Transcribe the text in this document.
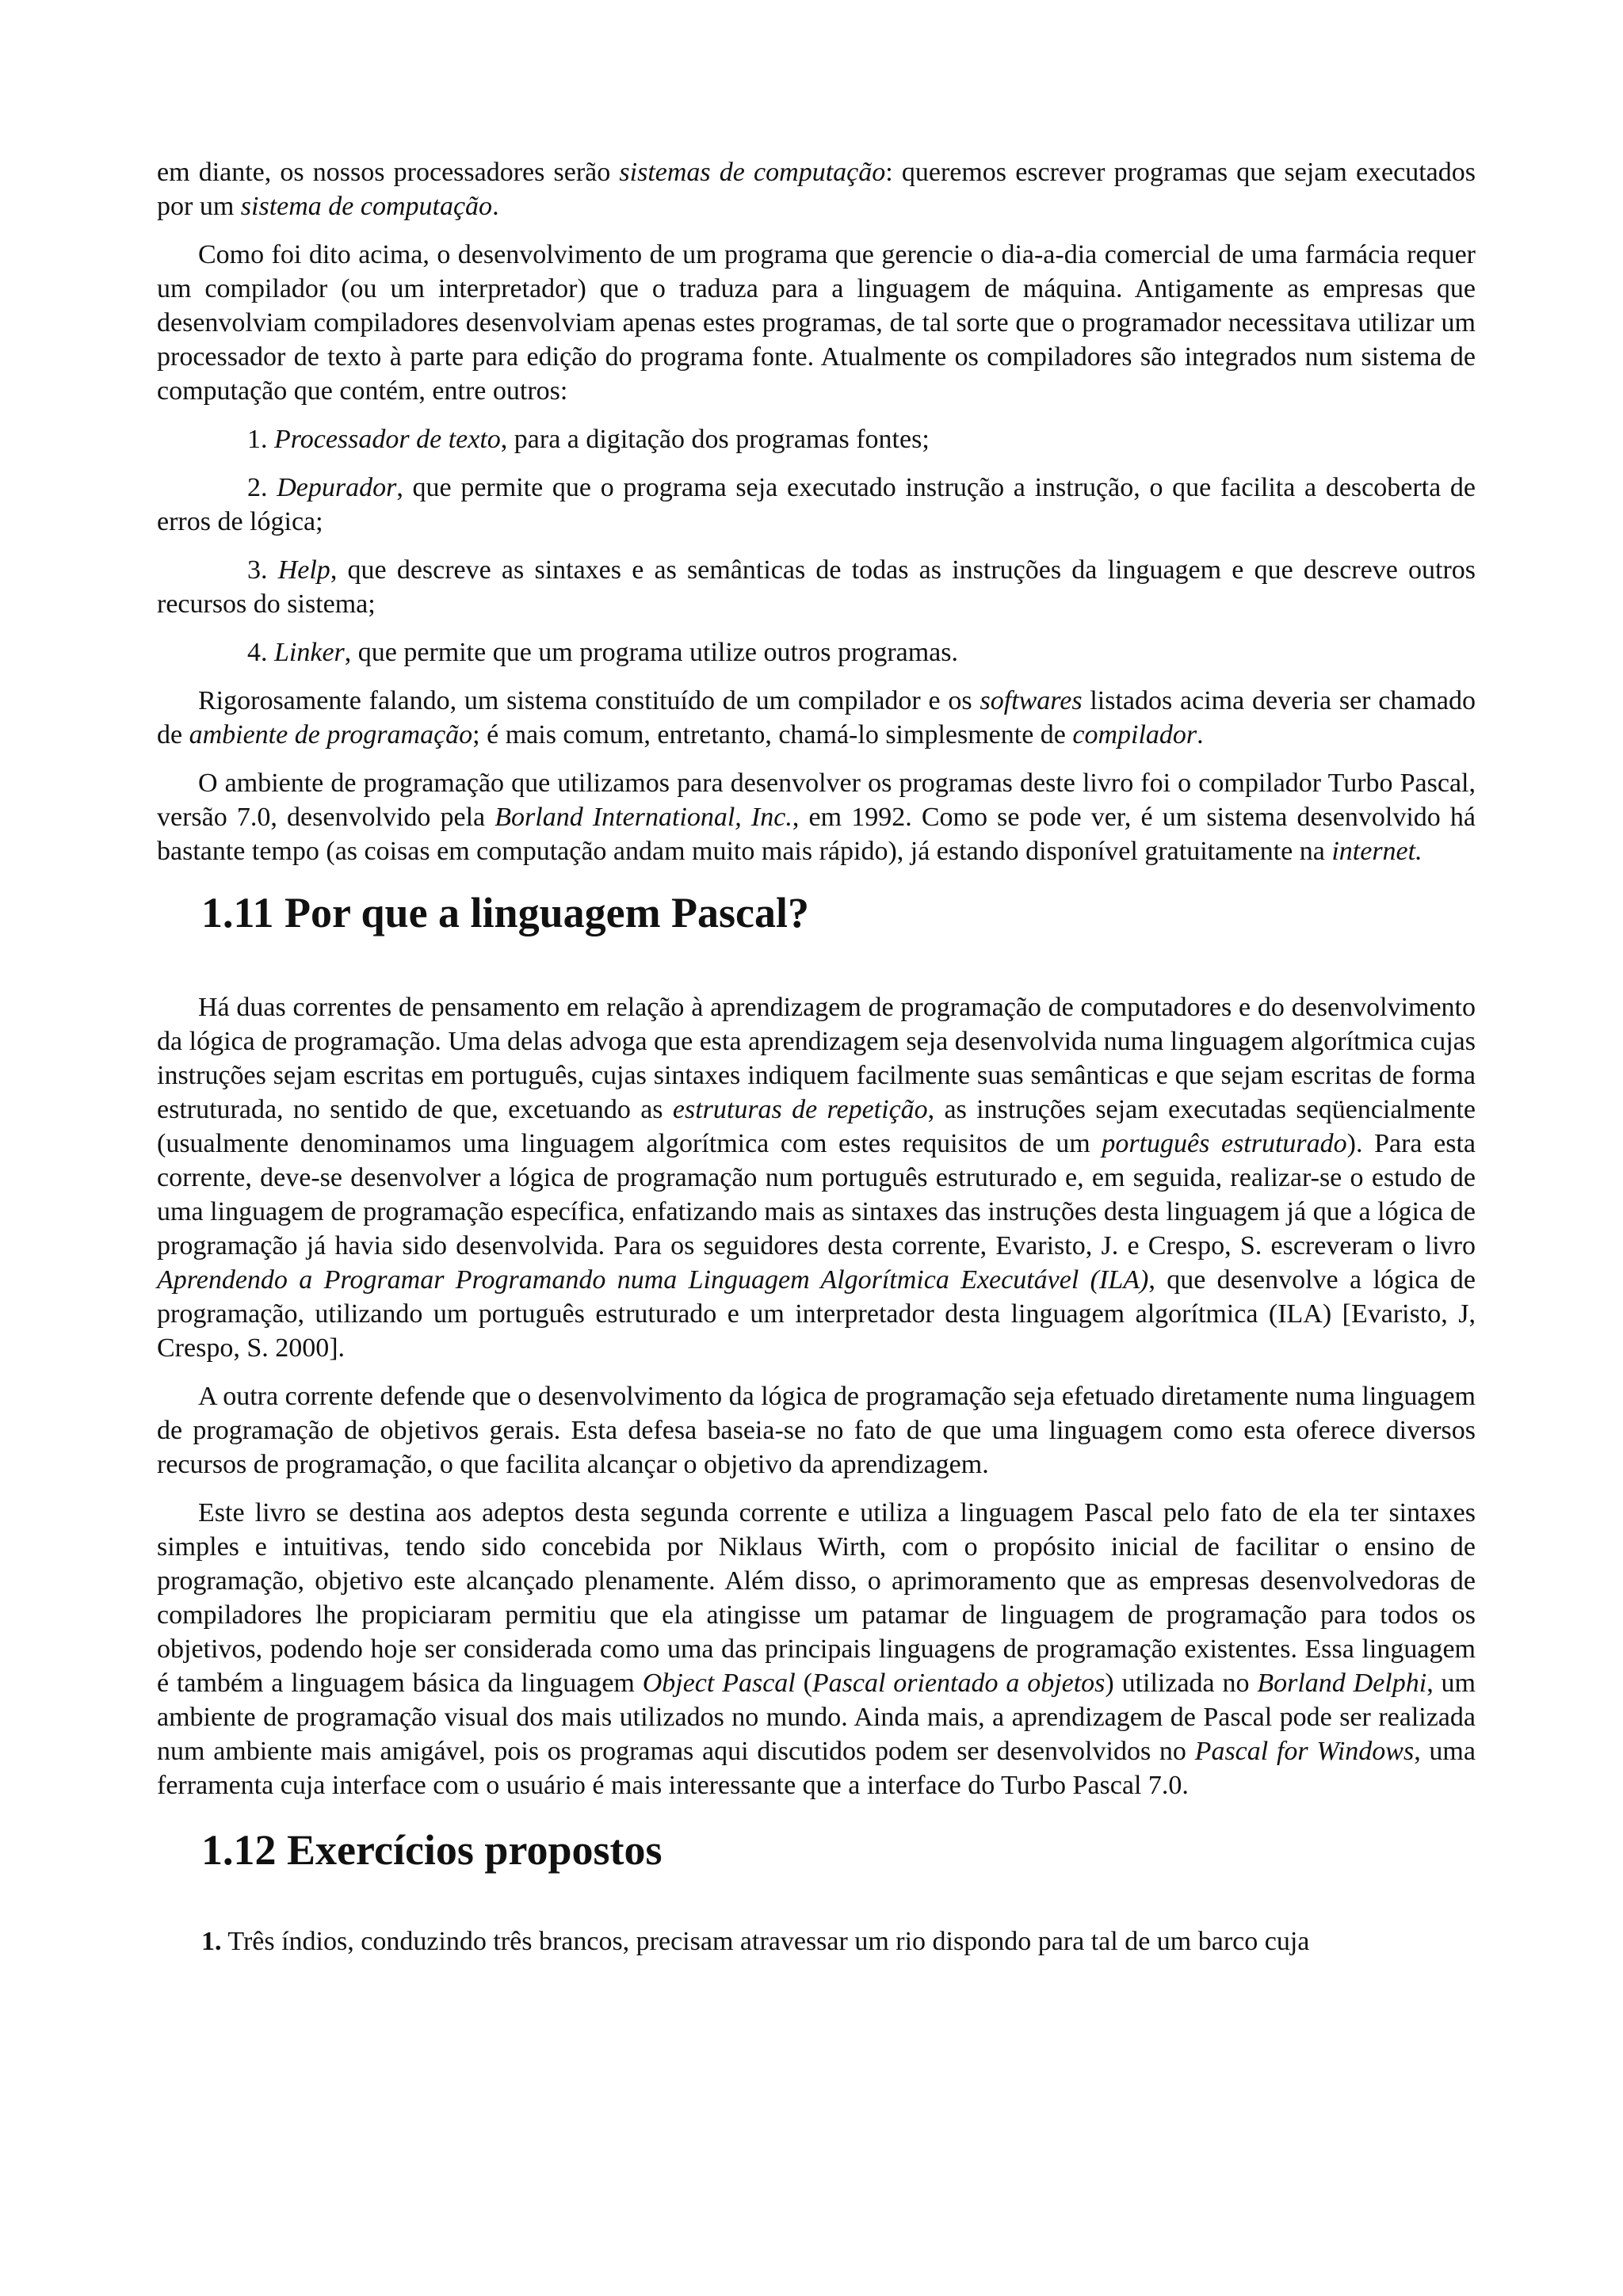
em diante, os nossos processadores serão sistemas de computação: queremos escrever programas que sejam executados por um sistema de computação.

Como foi dito acima, o desenvolvimento de um programa que gerencie o dia-a-dia comercial de uma farmácia requer um compilador (ou um interpretador) que o traduza para a linguagem de máquina. Antigamente as empresas que desenvolviam compiladores desenvolviam apenas estes programas, de tal sorte que o programador necessitava utilizar um processador de texto à parte para edição do programa fonte. Atualmente os compiladores são integrados num sistema de computação que contém, entre outros:

1. Processador de texto, para a digitação dos programas fontes;

2. Depurador, que permite que o programa seja executado instrução a instrução, o que facilita a descoberta de erros de lógica;

3. Help, que descreve as sintaxes e as semânticas de todas as instruções da linguagem e que descreve outros recursos do sistema;

4. Linker, que permite que um programa utilize outros programas.

Rigorosamente falando, um sistema constituído de um compilador e os softwares listados acima deveria ser chamado de ambiente de programação; é mais comum, entretanto, chamá-lo simplesmente de compilador.

O ambiente de programação que utilizamos para desenvolver os programas deste livro foi o compilador Turbo Pascal, versão 7.0, desenvolvido pela Borland International, Inc., em 1992. Como se pode ver, é um sistema desenvolvido há bastante tempo (as coisas em computação andam muito mais rápido), já estando disponível gratuitamente na internet.

1.11 Por que a linguagem Pascal?

Há duas correntes de pensamento em relação à aprendizagem de programação de computadores e do desenvolvimento da lógica de programação. Uma delas advoga que esta aprendizagem seja desenvolvida numa linguagem algorítmica cujas instruções sejam escritas em português, cujas sintaxes indiquem facilmente suas semânticas e que sejam escritas de forma estruturada, no sentido de que, excetuando as estruturas de repetição, as instruções sejam executadas seqüencialmente (usualmente denominamos uma linguagem algorítmica com estes requisitos de um português estruturado). Para esta corrente, deve-se desenvolver a lógica de programação num português estruturado e, em seguida, realizar-se o estudo de uma linguagem de programação específica, enfatizando mais as sintaxes das instruções desta linguagem já que a lógica de programação já havia sido desenvolvida. Para os seguidores desta corrente, Evaristo, J. e Crespo, S. escreveram o livro Aprendendo a Programar Programando numa Linguagem Algorítmica Executável (ILA), que desenvolve a lógica de programação, utilizando um português estruturado e um interpretador desta linguagem algorítmica (ILA) [Evaristo, J, Crespo, S. 2000].

A outra corrente defende que o desenvolvimento da lógica de programação seja efetuado diretamente numa linguagem de programação de objetivos gerais. Esta defesa baseia-se no fato de que uma linguagem como esta oferece diversos recursos de programação, o que facilita alcançar o objetivo da aprendizagem.

Este livro se destina aos adeptos desta segunda corrente e utiliza a linguagem Pascal pelo fato de ela ter sintaxes simples e intuitivas, tendo sido concebida por Niklaus Wirth, com o propósito inicial de facilitar o ensino de programação, objetivo este alcançado plenamente. Além disso, o aprimoramento que as empresas desenvolvedoras de compiladores lhe propiciaram permitiu que ela atingisse um patamar de linguagem de programação para todos os objetivos, podendo hoje ser considerada como uma das principais linguagens de programação existentes. Essa linguagem é também a linguagem básica da linguagem Object Pascal (Pascal orientado a objetos) utilizada no Borland Delphi, um ambiente de programação visual dos mais utilizados no mundo. Ainda mais, a aprendizagem de Pascal pode ser realizada num ambiente mais amigável, pois os programas aqui discutidos podem ser desenvolvidos no Pascal for Windows, uma ferramenta cuja interface com o usuário é mais interessante que a interface do Turbo Pascal 7.0.

1.12 Exercícios propostos

1. Três índios, conduzindo três brancos, precisam atravessar um rio dispondo para tal de um barco cuja
